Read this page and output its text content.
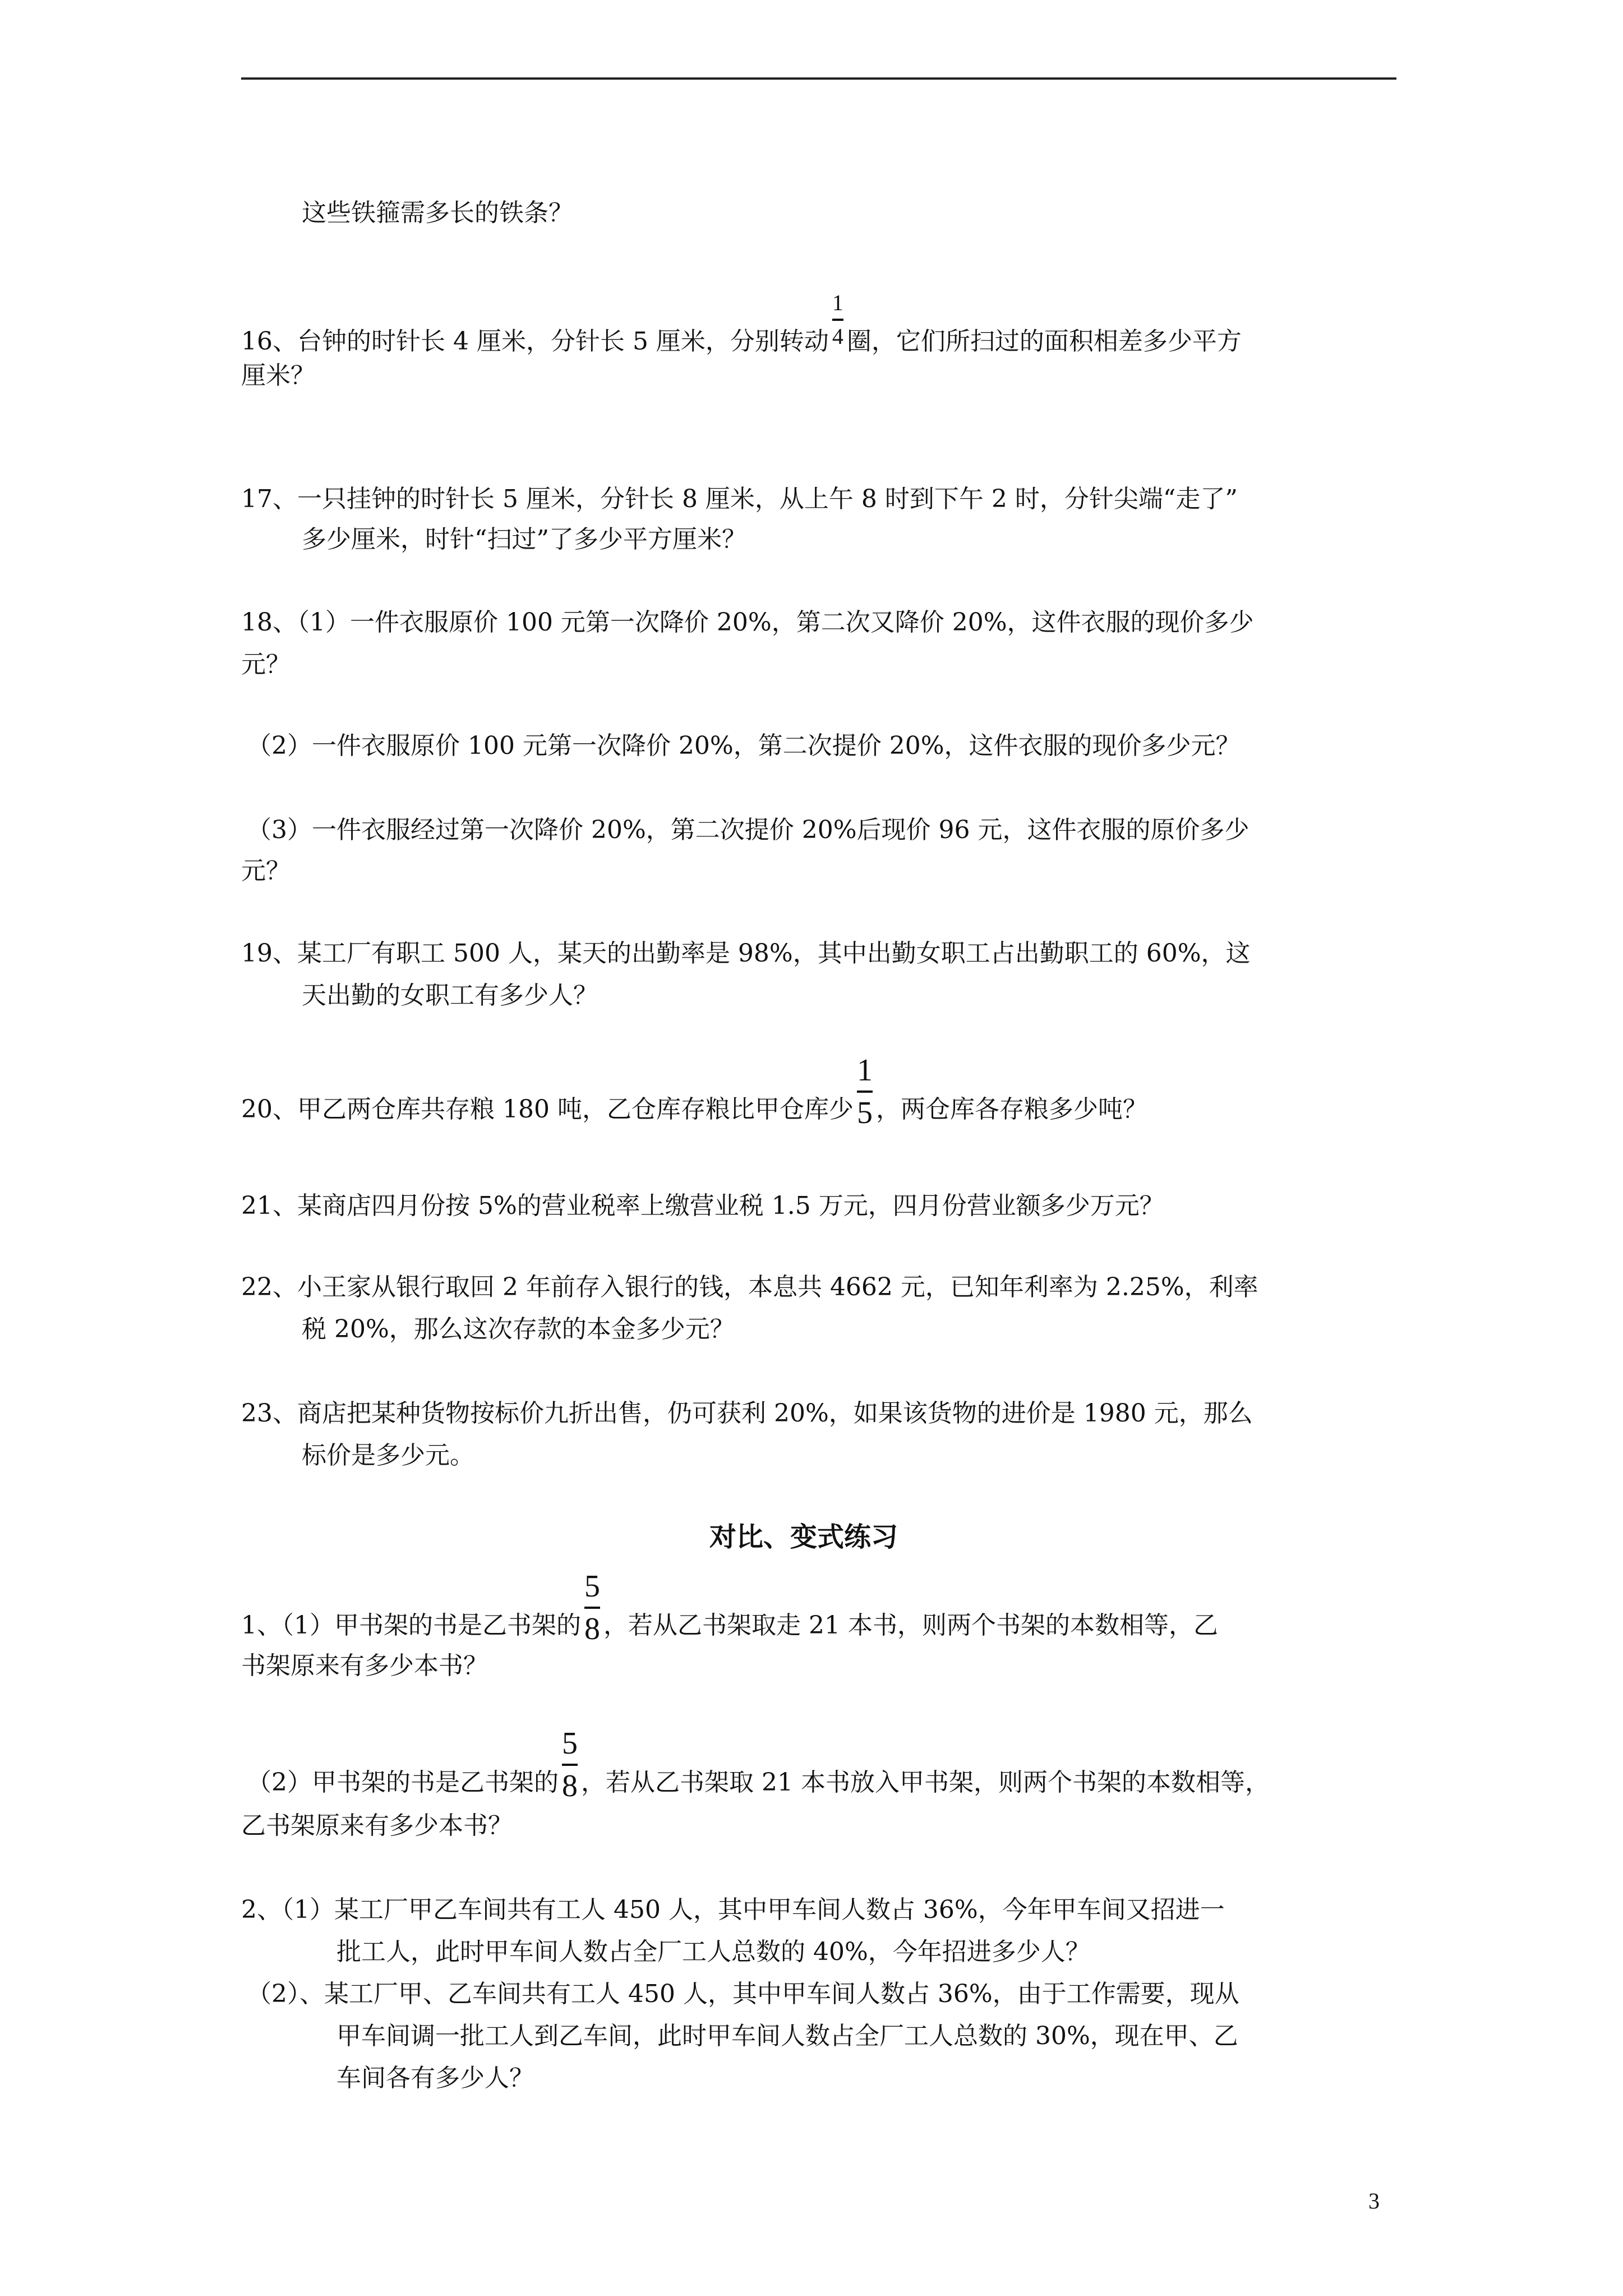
这些铁箍需多长的铁条？
16、台钟的时针长 4 厘米，分针长 5 厘米，分别转动 $\frac{1}{4}$ 圈，它们所扫过的面积相差多少平方
厘米？
17、一只挂钟的时针长 5 厘米，分针长 8 厘米，从上午 8 时到下午 2 时，分针尖端“走了”
多少厘米，时针“扫过”了多少平方厘米？
18、（1）一件衣服原价 100 元第一次降价 20%，第二次又降价 20%，这件衣服的现价多少
元？
（2）一件衣服原价 100 元第一次降价 20%，第二次提价 20%，这件衣服的现价多少元？
（3）一件衣服经过第一次降价 20%，第二次提价 20%后现价 96 元，这件衣服的原价多少
元？
19、某工厂有职工 500 人，某天的出勤率是 98%，其中出勤女职工占出勤职工的 60%，这
天出勤的女职工有多少人？
20、甲乙两仓库共存粮 180 吨，乙仓库存粮比甲仓库少 $\frac{1}{5}$ ，两仓库各存粮多少吨？
21、某商店四月份按 5%的营业税率上缴营业税 1.5 万元，四月份营业额多少万元？
22、小王家从银行取回 2 年前存入银行的钱，本息共 4662 元，已知年利率为 2.25%，利率
税 20%，那么这次存款的本金多少元？
23、商店把某种货物按标价九折出售，仍可获利 20%，如果该货物的进价是 1980 元，那么
标价是多少元。
对比、变式练习
1、（1）甲书架的书是乙书架的 $\frac{5}{8}$ ，若从乙书架取走 21 本书，则两个书架的本数相等，乙
书架原来有多少本书？
（2）甲书架的书是乙书架的 $\frac{5}{8}$ ，若从乙书架取 21 本书放入甲书架，则两个书架的本数相等，
乙书架原来有多少本书？
2、（1）某工厂甲乙车间共有工人 450 人，其中甲车间人数占 36%，今年甲车间又招进一
批工人，此时甲车间人数占全厂工人总数的 40%，今年招进多少人？
（2）、某工厂甲、乙车间共有工人 450 人，其中甲车间人数占 36%，由于工作需要，现从
甲车间调一批工人到乙车间，此时甲车间人数占全厂工人总数的 30%，现在甲、乙
车间各有多少人？
3
